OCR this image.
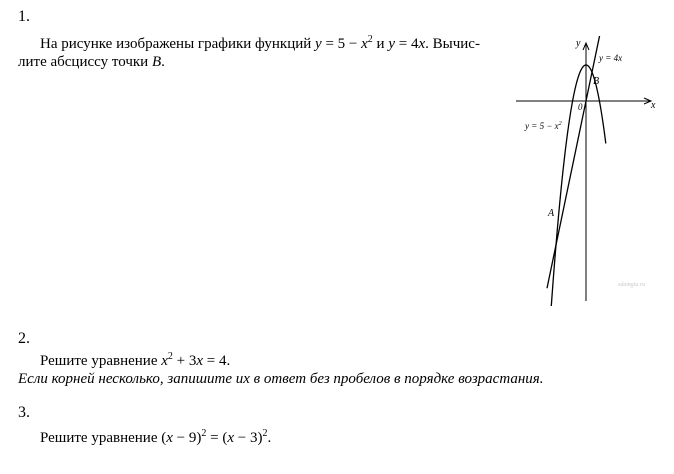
1.
На рисунке изображены графики функций $y = 5 - x^2$ и y = 4x. Вычис-
лите абсциссу точки B.
y
x
0
y = 4x
$y = 5 - x^2$
A
B
sdamgia.ru
2.
Решите уравнение $x^2 + 3x = 4$.
Если корней несколько, запишите их в ответ без пробелов в порядке возрастания.
3.
Решите уравнение $(x - 9)^2 = (x - 3)^2$.
